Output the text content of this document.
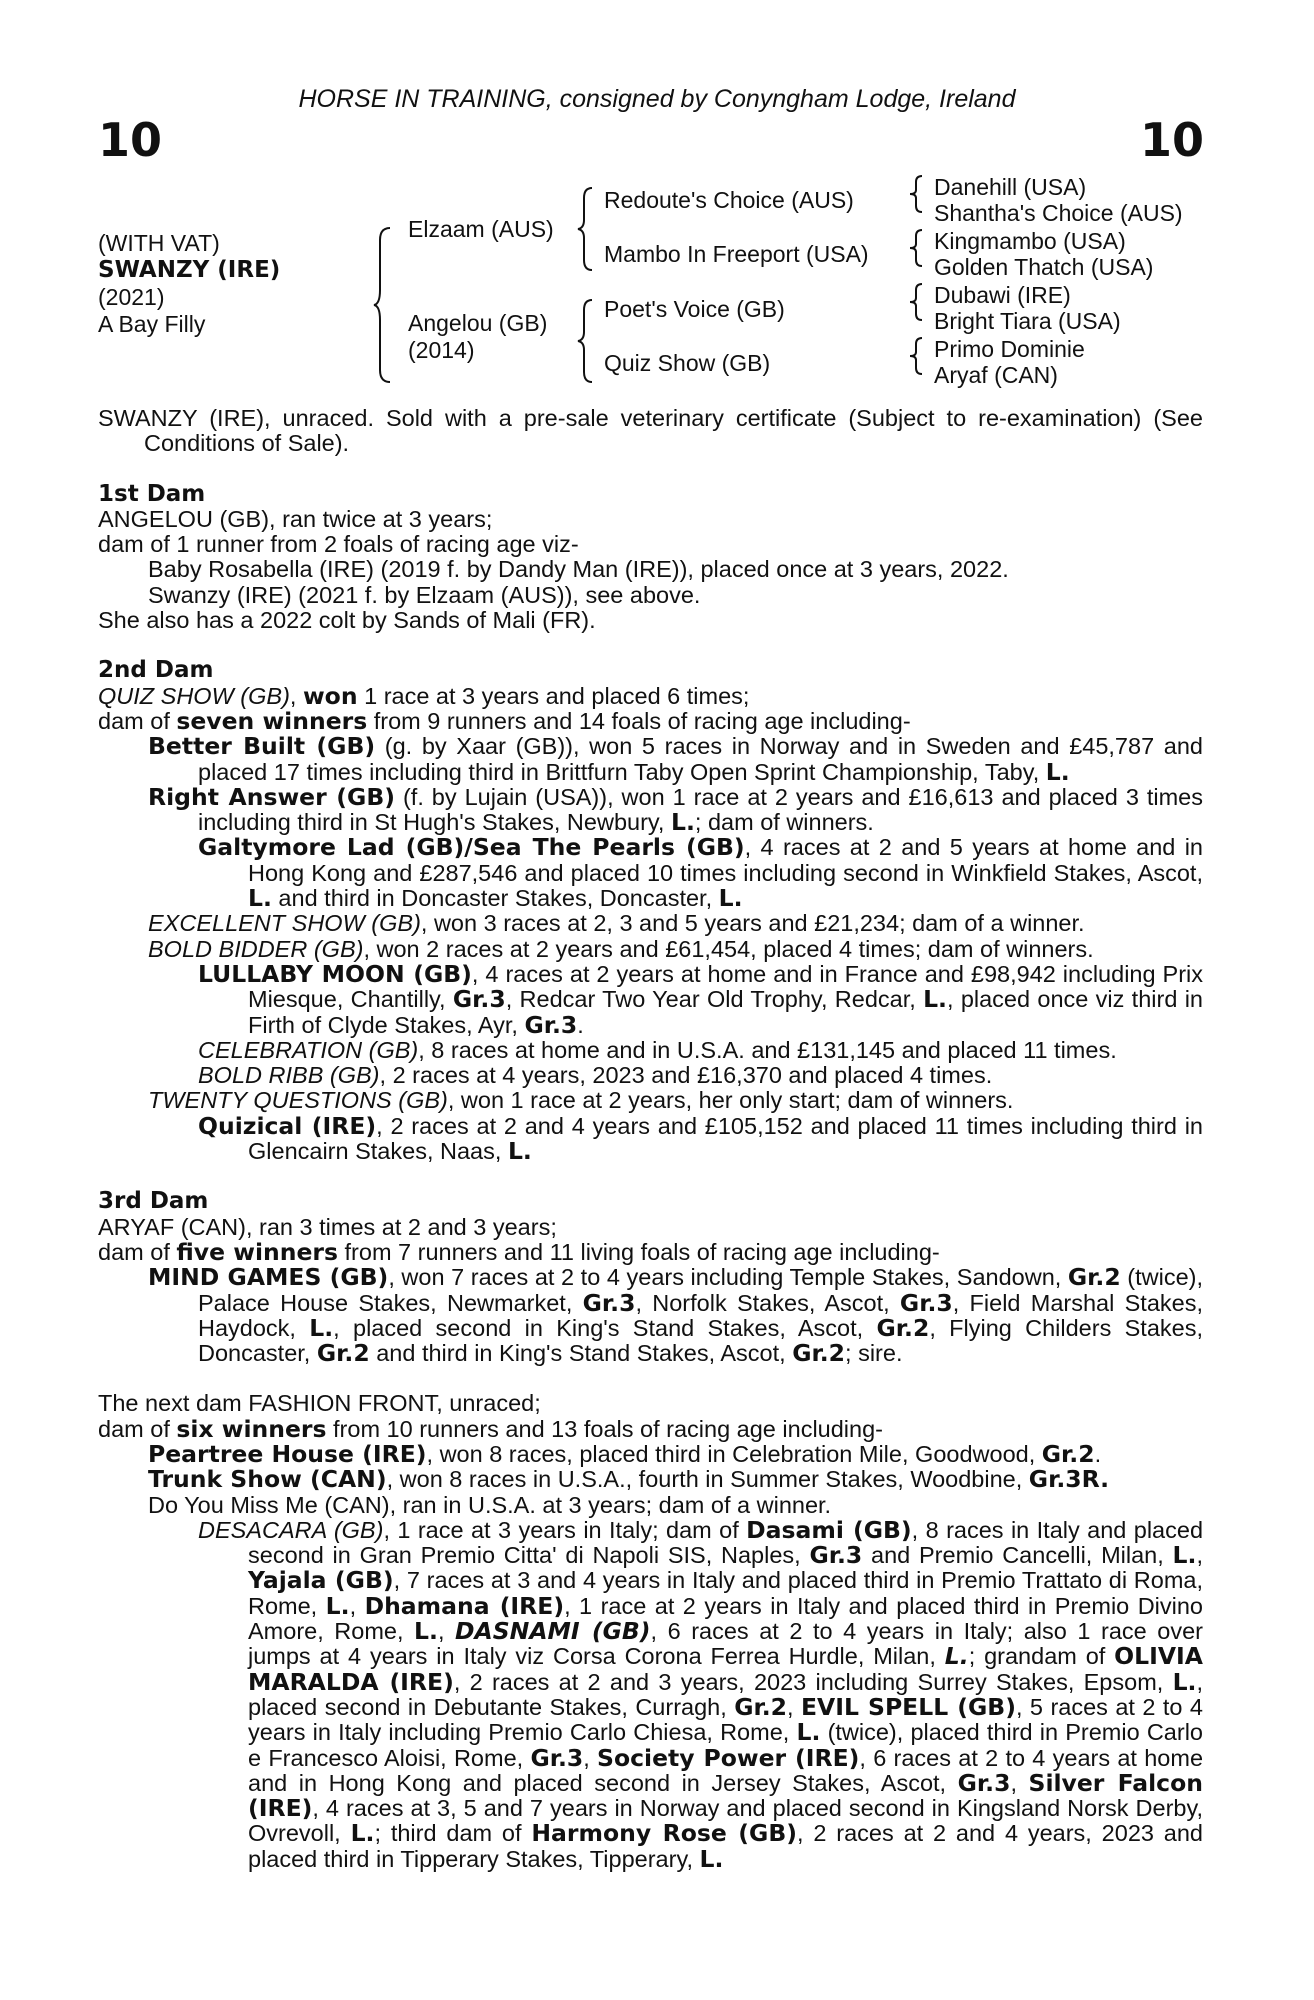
HORSE IN TRAINING, consigned by Conyngham Lodge, Ireland
10	10
(WITH VAT)
SWANZY (IRE)
(2021)
A Bay Filly
Elzaam (AUS)
Angelou (GB)
(2014)
Redoute's Choice (AUS)
Mambo In Freeport (USA)
Poet's Voice (GB)
Quiz Show (GB)
Danehill (USA)
Shantha's Choice (AUS)
Kingmambo (USA)
Golden Thatch (USA)
Dubawi (IRE)
Bright Tiara (USA)
Primo Dominie
Aryaf (CAN)

SWANZY (IRE), unraced. Sold with a pre-sale veterinary certificate (Subject to re-examination) (See Conditions of Sale).

1st Dam

ANGELOU (GB), ran twice at 3 years;

dam of 1 runner from 2 foals of racing age viz-

Baby Rosabella (IRE) (2019 f. by Dandy Man (IRE)), placed once at 3 years, 2022.

Swanzy (IRE) (2021 f. by Elzaam (AUS)), see above.

She also has a 2022 colt by Sands of Mali (FR).

2nd Dam

QUIZ SHOW (GB), won 1 race at 3 years and placed 6 times;

dam of seven winners from 9 runners and 14 foals of racing age including-

Better Built (GB) (g. by Xaar (GB)), won 5 races in Norway and in Sweden and £45,787 and placed 17 times including third in Brittfurn Taby Open Sprint Championship, Taby, L.

Right Answer (GB) (f. by Lujain (USA)), won 1 race at 2 years and £16,613 and placed 3 times including third in St Hugh's Stakes, Newbury, L.; dam of winners.

Galtymore Lad (GB)/Sea The Pearls (GB), 4 races at 2 and 5 years at home and in Hong Kong and £287,546 and placed 10 times including second in Winkfield Stakes, Ascot, L. and third in Doncaster Stakes, Doncaster, L.

EXCELLENT SHOW (GB), won 3 races at 2, 3 and 5 years and £21,234; dam of a winner.

BOLD BIDDER (GB), won 2 races at 2 years and £61,454, placed 4 times; dam of winners.

LULLABY MOON (GB), 4 races at 2 years at home and in France and £98,942 including Prix Miesque, Chantilly, Gr.3, Redcar Two Year Old Trophy, Redcar, L., placed once viz third in Firth of Clyde Stakes, Ayr, Gr.3.

CELEBRATION (GB), 8 races at home and in U.S.A. and £131,145 and placed 11 times.

BOLD RIBB (GB), 2 races at 4 years, 2023 and £16,370 and placed 4 times.

TWENTY QUESTIONS (GB), won 1 race at 2 years, her only start; dam of winners.

Quizical (IRE), 2 races at 2 and 4 years and £105,152 and placed 11 times including third in Glencairn Stakes, Naas, L.

3rd Dam

ARYAF (CAN), ran 3 times at 2 and 3 years;

dam of five winners from 7 runners and 11 living foals of racing age including-

MIND GAMES (GB), won 7 races at 2 to 4 years including Temple Stakes, Sandown, Gr.2 (twice), Palace House Stakes, Newmarket, Gr.3, Norfolk Stakes, Ascot, Gr.3, Field Marshal Stakes, Haydock, L., placed second in King's Stand Stakes, Ascot, Gr.2, Flying Childers Stakes, Doncaster, Gr.2 and third in King's Stand Stakes, Ascot, Gr.2; sire.

The next dam FASHION FRONT, unraced;

dam of six winners from 10 runners and 13 foals of racing age including-

Peartree House (IRE), won 8 races, placed third in Celebration Mile, Goodwood, Gr.2.

Trunk Show (CAN), won 8 races in U.S.A., fourth in Summer Stakes, Woodbine, Gr.3R.

Do You Miss Me (CAN), ran in U.S.A. at 3 years; dam of a winner.

DESACARA (GB), 1 race at 3 years in Italy; dam of Dasami (GB), 8 races in Italy and placed second in Gran Premio Citta' di Napoli SIS, Naples, Gr.3 and Premio Cancelli, Milan, L., Yajala (GB), 7 races at 3 and 4 years in Italy and placed third in Premio Trattato di Roma, Rome, L., Dhamana (IRE), 1 race at 2 years in Italy and placed third in Premio Divino Amore, Rome, L., DASNAMI (GB), 6 races at 2 to 4 years in Italy; also 1 race over jumps at 4 years in Italy viz Corsa Corona Ferrea Hurdle, Milan, L.; grandam of OLIVIA MARALDA (IRE), 2 races at 2 and 3 years, 2023 including Surrey Stakes, Epsom, L., placed second in Debutante Stakes, Curragh, Gr.2, EVIL SPELL (GB), 5 races at 2 to 4 years in Italy including Premio Carlo Chiesa, Rome, L. (twice), placed third in Premio Carlo e Francesco Aloisi, Rome, Gr.3, Society Power (IRE), 6 races at 2 to 4 years at home and in Hong Kong and placed second in Jersey Stakes, Ascot, Gr.3, Silver Falcon (IRE), 4 races at 3, 5 and 7 years in Norway and placed second in Kingsland Norsk Derby, Ovrevoll, L.; third dam of Harmony Rose (GB), 2 races at 2 and 4 years, 2023 and placed third in Tipperary Stakes, Tipperary, L.
